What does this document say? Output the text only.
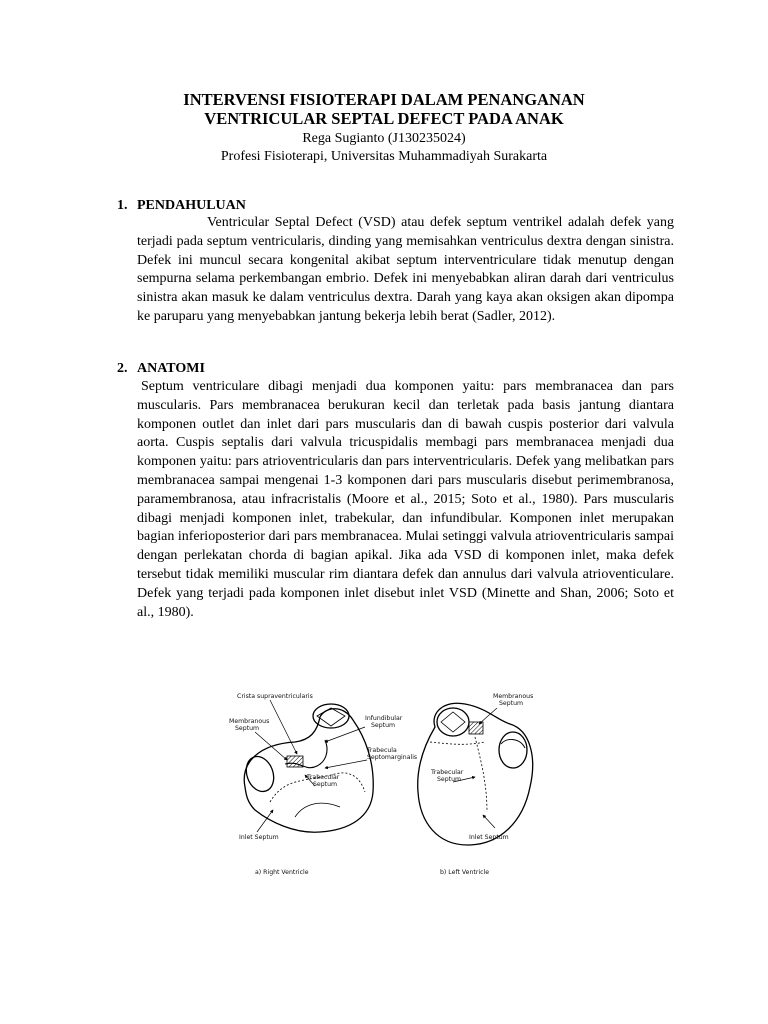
INTERVENSI FISIOTERAPI DALAM PENANGANAN
VENTRICULAR SEPTAL DEFECT PADA ANAK
Rega Sugianto (J130235024)
Profesi Fisioterapi, Universitas Muhammadiyah Surakarta
1. PENDAHULUAN
Ventricular Septal Defect (VSD) atau defek septum ventrikel adalah defek yang terjadi pada septum ventricularis, dinding yang memisahkan ventriculus dextra dengan sinistra. Defek ini muncul secara kongenital akibat septum interventriculare tidak menutup dengan sempurna selama perkembangan embrio. Defek ini menyebabkan aliran darah dari ventriculus sinistra akan masuk ke dalam ventriculus dextra. Darah yang kaya akan oksigen akan dipompa ke paruparu yang menyebabkan jantung bekerja lebih berat (Sadler, 2012).
2. ANATOMI
Septum ventriculare dibagi menjadi dua komponen yaitu: pars membranacea dan pars muscularis. Pars membranacea berukuran kecil dan terletak pada basis jantung diantara komponen outlet dan inlet dari pars muscularis dan di bawah cuspis posterior dari valvula aorta. Cuspis septalis dari valvula tricuspidalis membagi pars membranacea menjadi dua komponen yaitu: pars atrioventricularis dan pars interventricularis. Defek yang melibatkan pars membranacea sampai mengenai 1-3 komponen dari pars muscularis disebut perimembranosa, paramembranosa, atau infracristalis (Moore et al., 2015; Soto et al., 1980). Pars muscularis dibagi menjadi komponen inlet, trabekular, dan infundibular. Komponen inlet merupakan bagian inferioposterior dari pars membranacea. Mulai setinggi valvula atrioventricularis sampai dengan perlekatan chorda di bagian apikal. Jika ada VSD di komponen inlet, maka defek tersebut tidak memiliki muscular rim diantara defek dan annulus dari valvula atrioventiculare. Defek yang terjadi pada komponen inlet disebut inlet VSD (Minette and Shan, 2006; Soto et al., 1980).
Crista supraventricularis
Membranous
Septum
Infundibular
Septum
Trabecula
Septomarginalis
Trabecular
Septum
Inlet Septum
a) Right Ventricle
Membranous
Septum
Trabecular
Septum
Inlet Septum
b) Left Ventricle
